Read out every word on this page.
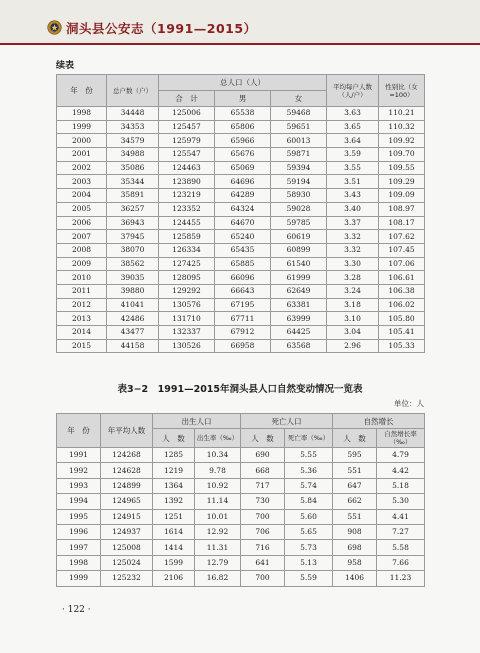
洞头县公安志（1991—2015）
续表
年　份	总户数（户）	总人口（人）			平均每户人数（人/户）	性别比（女=100）
		合　计	男	女		
1998	34448	125006	65538	59468	3.63	110.21
1999	34353	125457	65806	59651	3.65	110.32
2000	34579	125979	65966	60013	3.64	109.92
2001	34988	125547	65676	59871	3.59	109.70
2002	35086	124463	65069	59394	3.55	109.55
2003	35344	123890	64696	59194	3.51	109.29
2004	35891	123219	64289	58930	3.43	109.09
2005	36257	123352	64324	59028	3.40	108.97
2006	36943	124455	64670	59785	3.37	108.17
2007	37945	125859	65240	60619	3.32	107.62
2008	38070	126334	65435	60899	3.32	107.45
2009	38562	127425	65885	61540	3.30	107.06
2010	39035	128095	66096	61999	3.28	106.61
2011	39880	129292	66643	62649	3.24	106.38
2012	41041	130576	67195	63381	3.18	106.02
2013	42486	131710	67711	63999	3.10	105.80
2014	43477	132337	67912	64425	3.04	105.41
2015	44158	130526	66958	63568	2.96	105.33
表3−2　1991—2015年洞头县人口自然变动情况一览表
单位：人
年　份	年平均人数	出生人口		死亡人口		自然增长	
		人　数	出生率（‰）	人　数	死亡率（‰）	人　数	自然增长率（‰）
1991	124268	1285	10.34	690	5.55	595	4.79
1992	124628	1219	9.78	668	5.36	551	4.42
1993	124899	1364	10.92	717	5.74	647	5.18
1994	124965	1392	11.14	730	5.84	662	5.30
1995	124915	1251	10.01	700	5.60	551	4.41
1996	124937	1614	12.92	706	5.65	908	7.27
1997	125008	1414	11.31	716	5.73	698	5.58
1998	125024	1599	12.79	641	5.13	958	7.66
1999	125232	2106	16.82	700	5.59	1406	11.23
· 122 ·
